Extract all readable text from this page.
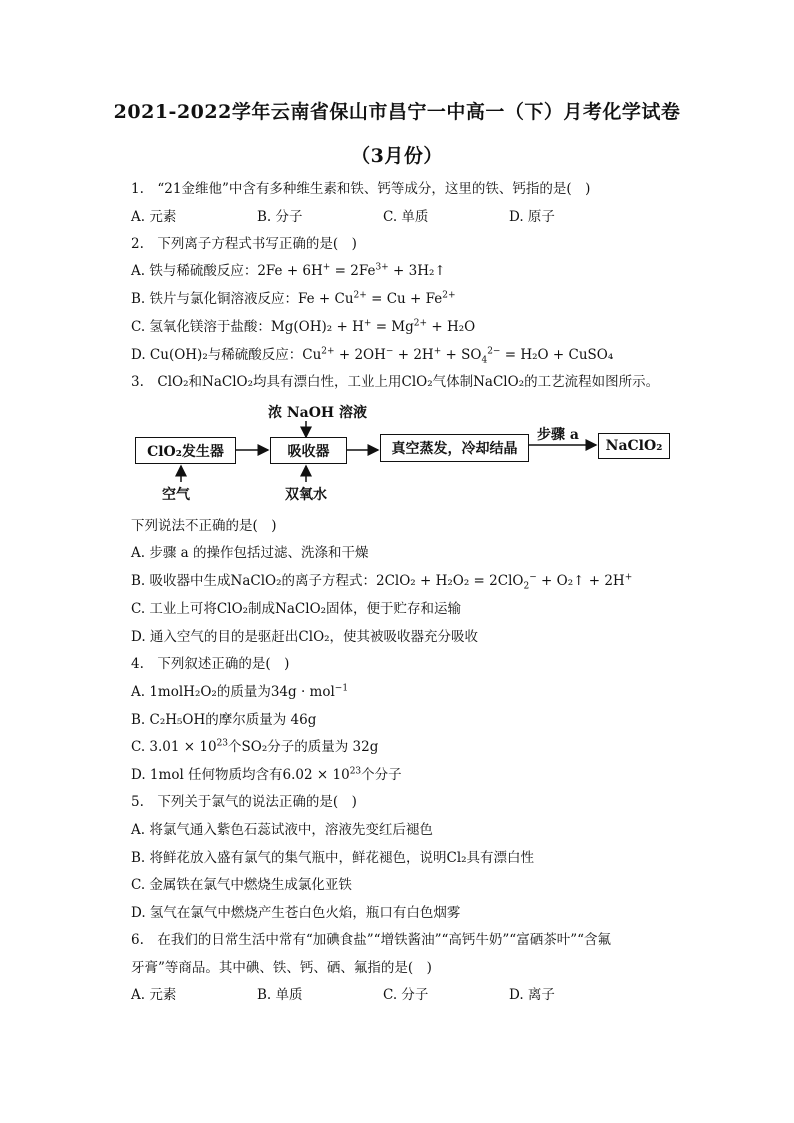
2021-2022学年云南省保山市昌宁一中高一（下）月考化学试卷
（3月份）
1.　“21金维他”中含有多种维生素和铁、钙等成分，这里的铁、钙指的是(　)
A. 元素	B. 分子	C. 单质	D. 原子
2.　下列离子方程式书写正确的是(　)
A. 铁与稀硫酸反应：$2Fe + 6H^+ = 2Fe^{3+}$ + 3H₂↑
B. 铁片与氯化铜溶液反应：$Fe + Cu^{2+} = Cu + Fe^{2+}$
C. 氢氧化镁溶于盐酸：$Mg(OH)_2 + H^+ = Mg^{2+} + H_2O$
D. Cu(OH)₂与稀硫酸反应：$Cu^{2+} + 2OH^- + 2H^+ + SO_4^{2-} = H_2O$ + CuSO₄
3.　ClO₂和NaClO₂均具有漂白性，工业上用ClO₂气体制NaClO₂的工艺流程如图所示。
ClO₂发生器	吸收器	真空蒸发，冷却结晶	NaClO₂
浓 NaOH 溶液
空气	双氧水
步骤 a
下列说法不正确的是(　)
A. 步骤 a 的操作包括过滤、洗涤和干燥
B. 吸收器中生成NaClO₂的离子方程式：2ClO₂ + H₂O₂ = 2ClO$_2$− + O₂↑ + 2H+
C. 工业上可将ClO₂制成NaClO₂固体，便于贮存和运输
D. 通入空气的目的是驱赶出ClO₂，使其被吸收器充分吸收
4.　下列叙述正确的是(　)
A. 1molH₂O₂的质量为34g · mol$^{-1}$
B. C₂H₅OH的摩尔质量为 46g
C. $3.01 \times 10^{23}$个SO₂分子的质量为 32g
D. 1mol 任何物质均含有$6.02 \times 10^{23}$个分子
5.　下列关于氯气的说法正确的是(　)
A. 将氯气通入紫色石蕊试液中，溶液先变红后褪色
B. 将鲜花放入盛有氯气的集气瓶中，鲜花褪色，说明Cl₂具有漂白性
C. 金属铁在氯气中燃烧生成氯化亚铁
D. 氢气在氯气中燃烧产生苍白色火焰，瓶口有白色烟雾
6.　在我们的日常生活中常有“加碘食盐”“增铁酱油”“高钙牛奶”“富硒茶叶”“含氟
牙膏”等商品。其中碘、铁、钙、硒、氟指的是(　)
A. 元素	B. 单质	C. 分子	D. 离子
